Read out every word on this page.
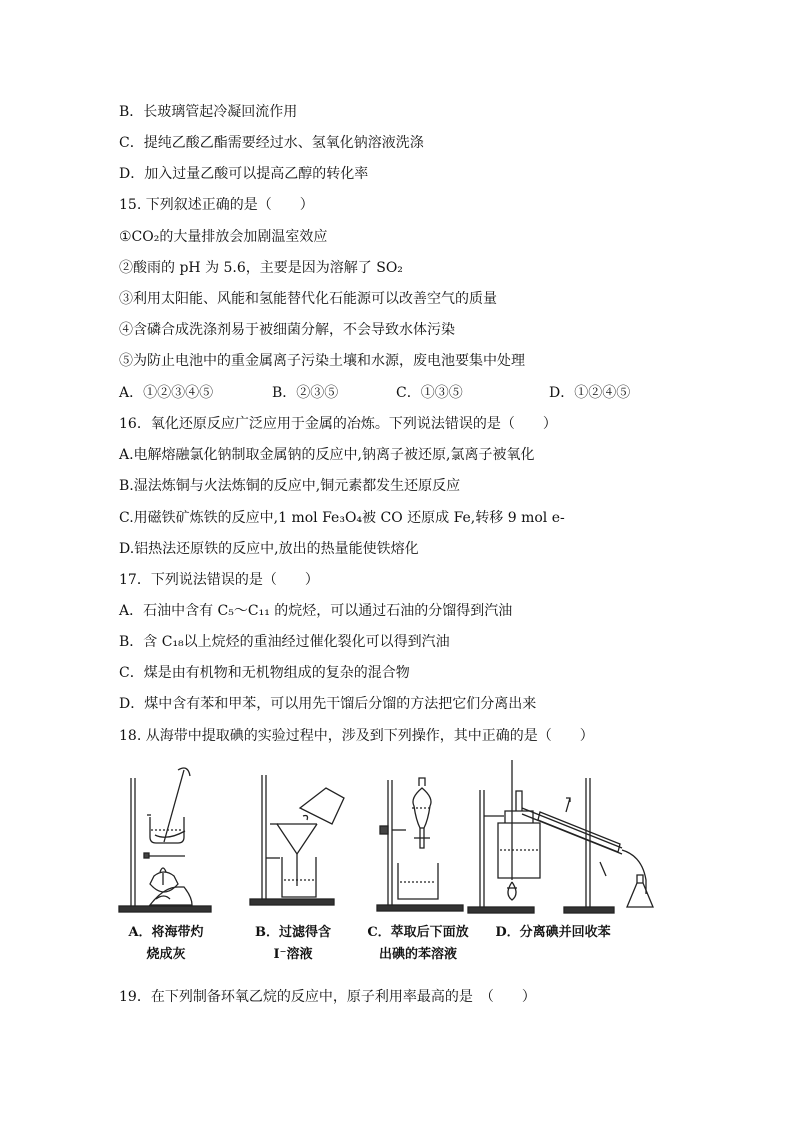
B．长玻璃管起冷凝回流作用
C．提纯乙酸乙酯需要经过水、氢氧化钠溶液洗涤
D．加入过量乙酸可以提高乙醇的转化率
15. 下列叙述正确的是（　　）
①CO₂的大量排放会加剧温室效应
②酸雨的 pH 为 5.6，主要是因为溶解了 SO₂
③利用太阳能、风能和氢能替代化石能源可以改善空气的质量
④含磷合成洗涤剂易于被细菌分解，不会导致水体污染
⑤为防止电池中的重金属离子污染土壤和水源，废电池要集中处理
A．①②③④⑤	B．②③⑤	C．①③⑤	D．①②④⑤
16．氧化还原反应广泛应用于金属的冶炼。下列说法错误的是（　　）
A.电解熔融氯化钠制取金属钠的反应中,钠离子被还原,氯离子被氧化
B.湿法炼铜与火法炼铜的反应中,铜元素都发生还原反应
C.用磁铁矿炼铁的反应中,1 mol Fe₃O₄被 CO 还原成 Fe,转移 9 mol e-
D.铝热法还原铁的反应中,放出的热量能使铁熔化
17．下列说法错误的是（　　）
A．石油中含有 C₅～C₁₁ 的烷烃，可以通过石油的分馏得到汽油
B．含 C₁₈以上烷烃的重油经过催化裂化可以得到汽油
C．煤是由有机物和无机物组成的复杂的混合物
D．煤中含有苯和甲苯，可以用先干馏后分馏的方法把它们分离出来
18. 从海带中提取碘的实验过程中，涉及到下列操作，其中正确的是（　　）
19．在下列制备环氧乙烷的反应中，原子利用率最高的是　（　　）
A．将海带灼
烧成灰
B．过滤得含
I⁻溶液
C．萃取后下面放
出碘的苯溶液
D．分离碘并回收苯
